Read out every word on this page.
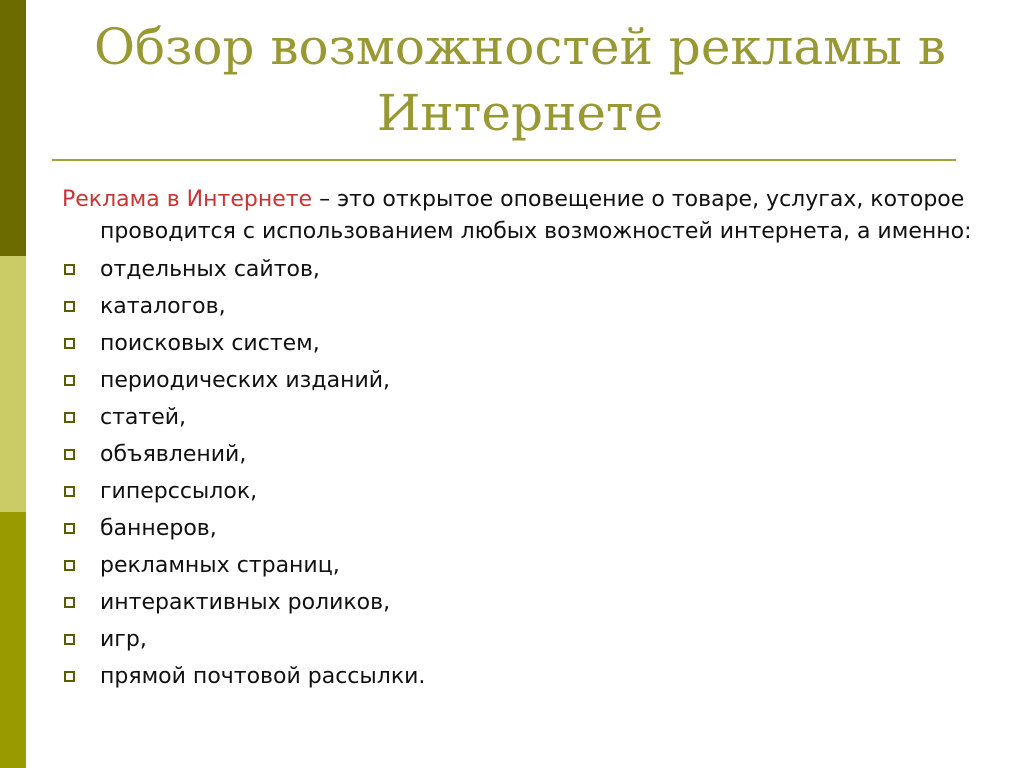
Обзор возможностей рекламы в Интернете

Реклама в Интернете – это открытое оповещение о товаре, услугах, которое проводится с использованием любых возможностей интернета, а именно:

отдельных сайтов,
каталогов,
поисковых систем,
периодических изданий,
статей,
объявлений,
гиперссылок,
баннеров,
рекламных страниц,
интерактивных роликов,
игр,
прямой почтовой рассылки.
